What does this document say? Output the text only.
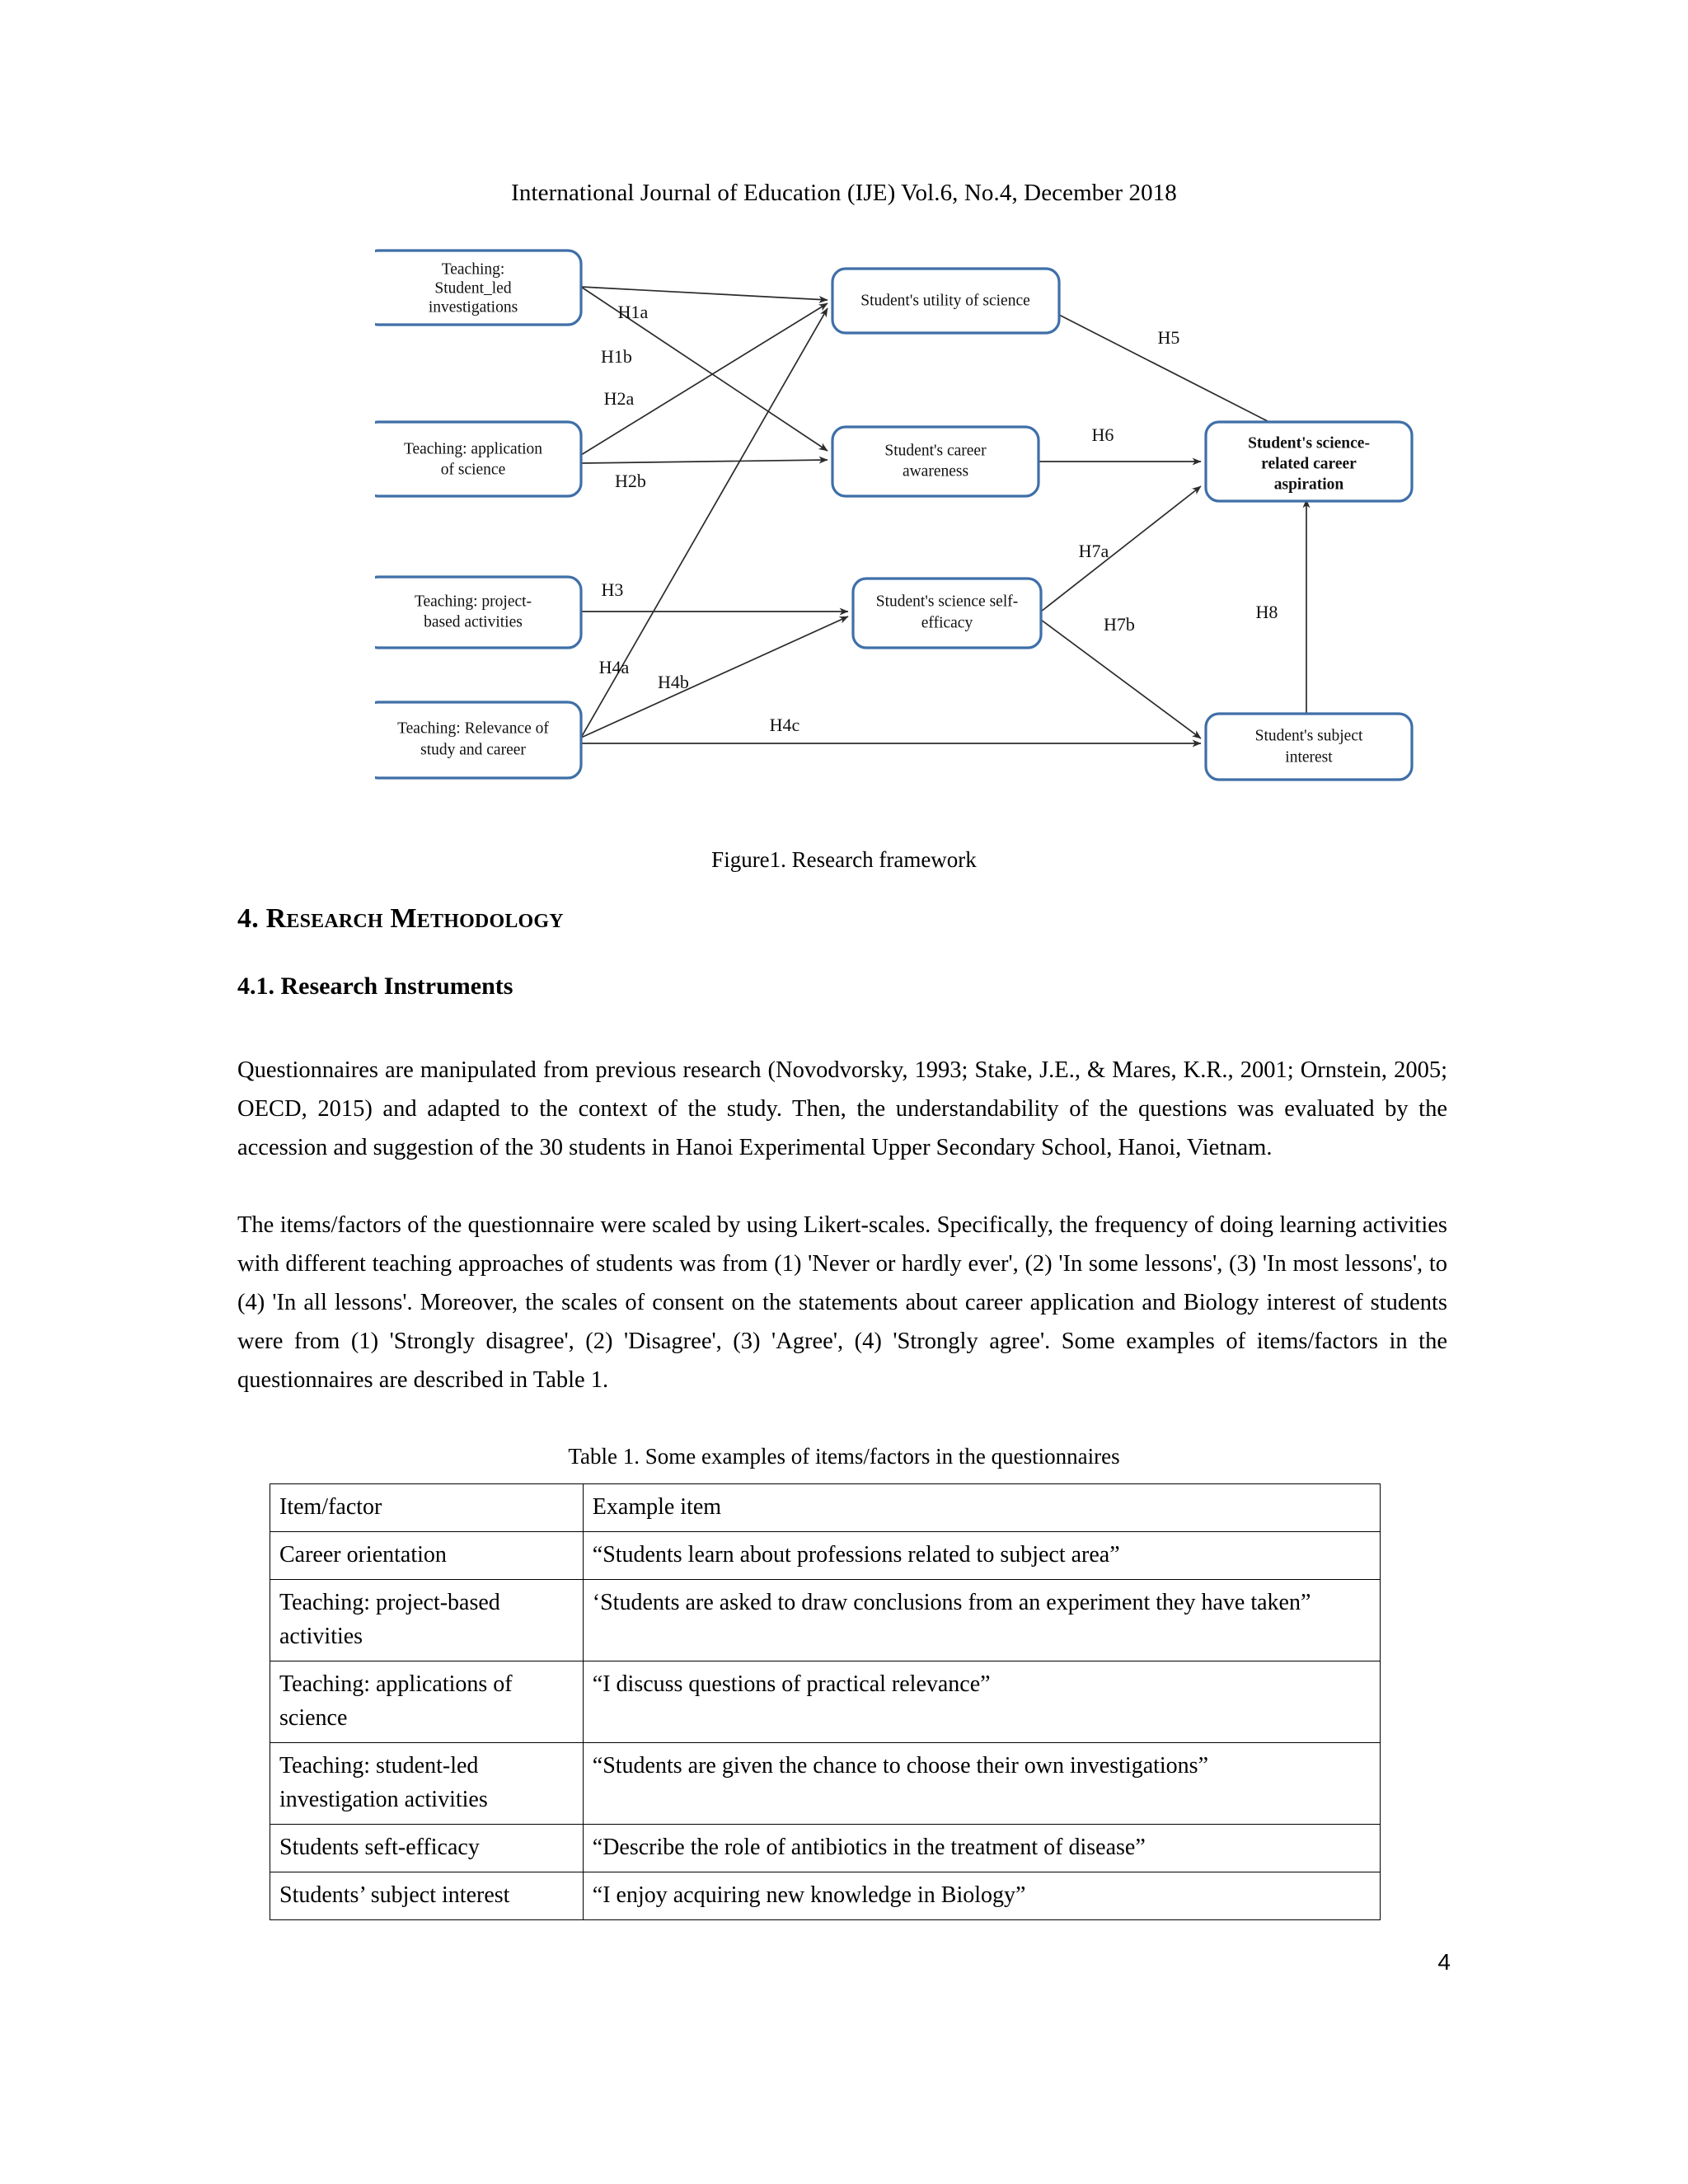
International Journal of Education (IJE) Vol.6, No.4, December 2018
Teaching:
Student_led
investigations
Teaching: application
of science
Teaching: project-
based activities
Teaching: Relevance of
study and career
Student's utility of science
Student's career
awareness
Student's science self-
efficacy
Student's science-
related career
aspiration
Student's subject
interest
H1a
H1b
H2a
H2b
H3
H4a
H4b
H4c
H5
H6
H7a
H7b
H8
Figure1. Research framework
4. Research Methodology
4.1. Research Instruments

Questionnaires are manipulated from previous research (Novodvorsky, 1993; Stake, J.E., & Mares, K.R., 2001; Ornstein, 2005; OECD, 2015) and adapted to the context of the study. Then, the understandability of the questions was evaluated by the accession and suggestion of the 30 students in Hanoi Experimental Upper Secondary School, Hanoi, Vietnam.

The items/factors of the questionnaire were scaled by using Likert-scales. Specifically, the frequency of doing learning activities with different teaching approaches of students was from (1) 'Never or hardly ever', (2) 'In some lessons', (3) 'In most lessons', to (4) 'In all lessons'. Moreover, the scales of consent on the statements about career application and Biology interest of students were from (1) 'Strongly disagree', (2) 'Disagree', (3) 'Agree', (4) 'Strongly agree'. Some examples of items/factors in the questionnaires are described in Table 1.

Table 1. Some examples of items/factors in the questionnaires
Item/factor	Example item
Career orientation	“Students learn about professions related to subject area”
Teaching: project-based activities	‘Students are asked to draw conclusions from an experiment they have taken”
Teaching: applications of science	“I discuss questions of practical relevance”
Teaching: student-led investigation activities	“Students are given the chance to choose their own investigations”
Students seft-efficacy	“Describe the role of antibiotics in the treatment of disease”
Students’ subject interest	“I enjoy acquiring new knowledge in Biology”
4
